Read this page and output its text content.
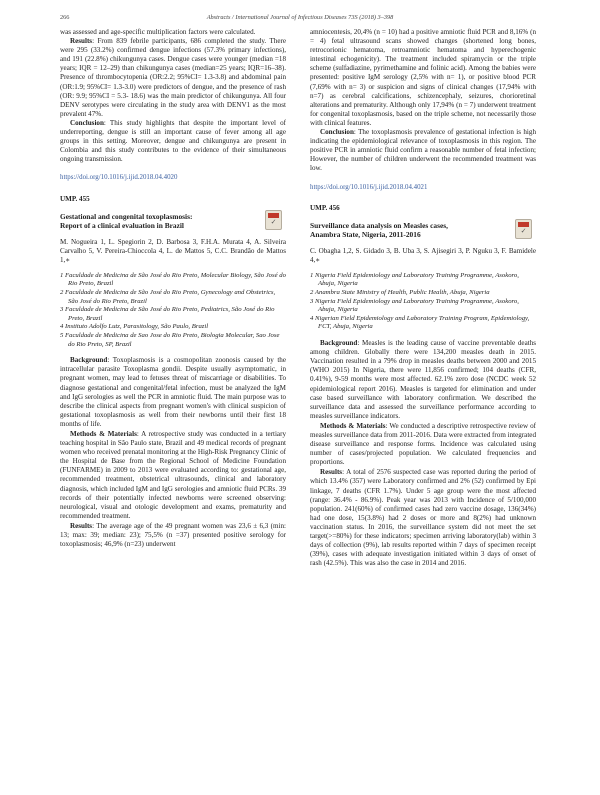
266	Abstracts / International Journal of Infectious Diseases 73S (2018) 3–398

was assessed and age-specific multiplication factors were calculated.

Results: From 839 febrile participants, 686 completed the study. There were 295 (33.2%) confirmed dengue infections (57.3% primary infections), and 191 (22.8%) chikungunya cases. Dengue cases were younger (median =18 years; IQR = 12–29) than chikungunya cases (median=25 years; IQR=16–38). Presence of thrombocytopenia (OR:2.2; 95%CI= 1.3-3.8) and abdominal pain (OR:1.9; 95%CI= 1.3-3.0) were predictors of dengue, and the presence of rash (OR: 9.9; 95%CI = 5.3- 18.6) was the main predictor of chikungunya. All four DENV serotypes were circulating in the study area with DENV1 as the most prevalent 47%.

Conclusion: This study highlights that despite the important level of underreporting, dengue is still an important cause of fever among all age groups in this setting. Moreover, dengue and chikungunya are present in Colombia and this study contributes to the evidence of their simultaneous ongoing transmission.

https://doi.org/10.1016/j.ijid.2018.04.4020
UMP. 455
Gestational and congenital toxoplasmosis:
Report of a clinical evaluation in Brazil	✓

M. Nogueira 1, L. Spegiorin 2, D. Barbosa 3, F.H.A. Murata 4, A. Silveira Carvalho 5, V. Pereira-Chioccola 4, L. de Mattos 5, C.C. Brandão de Mattos 1,∗

1 Faculdade de Medicina de São José do Rio Preto, Molecular Biology, São José do Rio Preto, Brazil
2 Faculdade de Medicina de São José do Rio Preto, Gynecology and Obstetrics, São José do Rio Preto, Brazil
3 Faculdade de Medicina de São José do Rio Preto, Pediatrics, São José do Rio Preto, Brazil
4 Instituto Adolfo Lutz, Parasitology, São Paulo, Brazil
5 Faculdade de Medicina de Sao Jose do Rio Preto, Biologia Molecular, Sao Jose do Rio Preto, SP, Brazil

Background: Toxoplasmosis is a cosmopolitan zoonosis caused by the intracellular parasite Toxoplasma gondii. Despite usually asymptomatic, in pregnant women, may lead to fetuses threat of miscarriage or disabilities. To diagnose gestational and congenital/fetal infection, must be analyzed the IgM and IgG serologies as well the PCR in amniotic fluid. The main purpose was to describe the clinical aspects from pregnant women's with clinical suspicion of gestational toxoplasmosis as well from their newborns until their first 18 months of life.

Methods & Materials: A retrospective study was conducted in a tertiary teaching hospital in São Paulo state, Brazil and 49 medical records of pregnant women who received prenatal monitoring at the High-Risk Pregnancy Clinic of the Hospital de Base from the Regional School of Medicine Foundation (FUNFARME) in 2009 to 2013 were evaluated according to: gestational age, recommended treatment, obstetrical ultrasounds, clinical and laboratory diagnosis, which included IgM and IgG serologies and amniotic fluid PCRs. 39 records of their potentially infected newborns were screened observing: neurological, visual and otologic development and exams, prematurity and recommended treatment.

Results: The average age of the 49 pregnant women was 23,6 ± 6,3 (min: 13; max: 39; median: 23); 75,5% (n =37) presented positive serology for toxoplasmosis; 46,9% (n=23) underwent

amniocentesis, 20,4% (n = 10) had a positive amniotic fluid PCR and 8,16% (n = 4) fetal ultrasound scans showed changes (shortened long bones, retrocorionic hematoma, retroamniotic hematoma and hyperechogenic intestinal echogenicity). The treatment included spiramycin or the triple scheme (sulfadiazine, pyrimethamine and folinic acid). Among the babies were presented: positive IgM serology (2,5% with n= 1), or positive blood PCR (7,69% with n= 3) or suspicion and signs of clinical changes (17,94% with n=7) as cerebral calcifications, schizencephaly, seizures, chorioretinal alterations and prematurity. Although only 17,94% (n = 7) underwent treatment for congenital toxoplasmosis, based on the triple scheme, not necessarily those with clinical features.

Conclusion: The toxoplasmosis prevalence of gestational infection is high indicating the epidemiological relevance of toxoplasmosis in this region. The positive PCR in amniotic fluid confirm a reasonable number of fetal infection; However, the number of children underwent the recommended treatment was low.

https://doi.org/10.1016/j.ijid.2018.04.4021
UMP. 456
Surveillance data analysis on Measles cases,
Anambra State, Nigeria, 2011-2016	✓

C. Obagha 1,2, S. Gidado 3, B. Uba 3, S. Ajisegiri 3, P. Nguku 3, F. Bamidele 4,∗

1 Nigeria Field Epidemiology and Laboratory Training Programme, Asokoro, Abuja, Nigeria
2 Anambra State Ministry of Health, Public Health, Abuja, Nigeria
3 Nigeria Field Epidemiology and Laboratory Training Programme, Asokoro, Abuja, Nigeria
4 Nigerian Field Epidemiology and Laboratory Training Program, Epidemiology, FCT, Abuja, Nigeria

Background: Measles is the leading cause of vaccine preventable deaths among children. Globally there were 134,200 measles death in 2015. Vaccination resulted in a 79% drop in measles deaths between 2000 and 2015 (WHO 2015) In Nigeria, there were 11,856 confirmed; 104 deaths (CFR, 0.41%), 9-59 months were most affected. 62.1% zero dose (NCDC week 52 epidemiological report 2016). Measles is targeted for elimination and under case based surveillance with laboratory confirmation. We described the surveillance data and assessed the surveillance performance according to measles surveillance indicators.

Methods & Materials: We conducted a descriptive retrospective review of measles surveillance data from 2011-2016. Data were extracted from integrated disease surveillance and response forms. Incidence was calculated using number of cases/projected population. We calculated frequencies and proportions.

Results: A total of 2576 suspected case was reported during the period of which 13.4% (357) were Laboratory confirmed and 2% (52) confirmed by Epi linkage, 7 deaths (CFR 1.7%). Under 5 age group were the most affected (range: 36.4% - 86.9%). Peak year was 2013 with Incidence of 5/100,000 population. 241(60%) of confirmed cases had zero vaccine dosage, 136(34%) had one dose, 15(3.8%) had 2 doses or more and 8(2%) had unknown vaccination status. In 2016, the surveillance system did not meet the set target(>=80%) for these indicators; specimen arriving laboratory(lab) within 3 days of collection (9%), lab results reported within 7 days of specimen receipt (39%), cases with adequate investigation initiated within 3 days of onset of rash (42.5%). This was also the case in 2014 and 2016.
